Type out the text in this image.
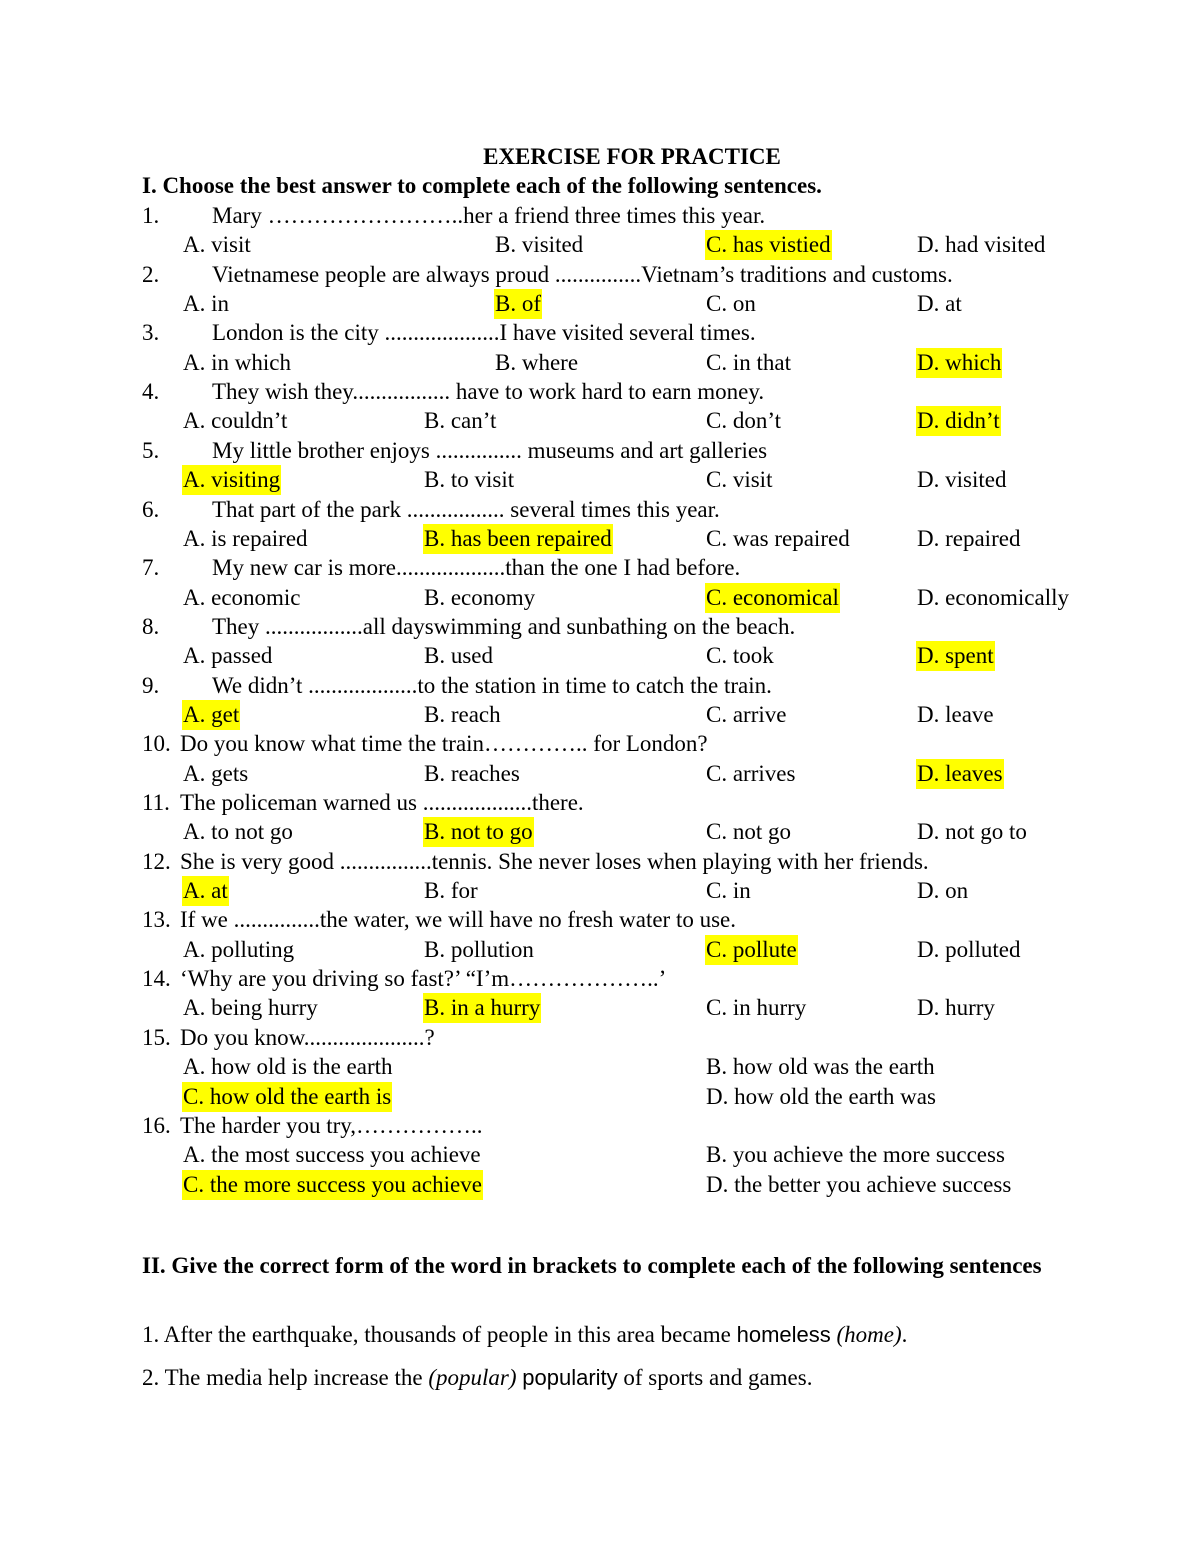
EXERCISE FOR PRACTICE
I. Choose the best answer to complete each of the following sentences.
1. Mary ……………………..her a friend three times this year.
A. visit	B. visited	C. has vistied	D. had visited
2. Vietnamese people are always proud ...............Vietnam’s traditions and customs.
A. in	B. of	C. on	D. at
3. London is the city ....................I have visited several times.
A. in which	B. where	C. in that	D. which
4. They wish they................. have to work hard to earn money.
A. couldn’t	B. can’t	C. don’t	D. didn’t
5. My little brother enjoys ............... museums and art galleries
A. visiting	B. to visit	C. visit	D. visited
6. That part of the park ................. several times this year.
A. is repaired	B. has been repaired	C. was repaired	D. repaired
7. My new car is more...................than the one I had before.
A. economic	B. economy	C. economical	D. economically
8. They .................all dayswimming and sunbathing on the beach.
A. passed	B. used	C. took	D. spent
9. We didn’t ...................to the station in time to catch the train.
A. get	B. reach	C. arrive	D. leave
10. Do you know what time the train………….. for London?
A. gets	B. reaches	C. arrives	D. leaves
11. The policeman warned us ...................there.
A. to not go	B. not to go	C. not go	D. not go to
12. She is very good ................tennis. She never loses when playing with her friends.
A. at	B. for	C. in	D. on
13. If we ...............the water, we will have no fresh water to use.
A. polluting	B. pollution	C. pollute	D. polluted
14. ‘Why are you driving so fast?’ “I’m………………..’
A. being hurry	B. in a hurry	C. in hurry	D. hurry
15. Do you know.....................?
A. how old is the earth	B. how old was the earth
C. how old the earth is	D. how old the earth was
16. The harder you try,……………..
A. the most success you achieve	B. you achieve the more success
C. the more success you achieve	D. the better you achieve success
II. Give the correct form of the word in brackets to complete each of the following sentences
1. After the earthquake, thousands of people in this area became homeless (home).
2. The media help increase the (popular) popularity of sports and games.
